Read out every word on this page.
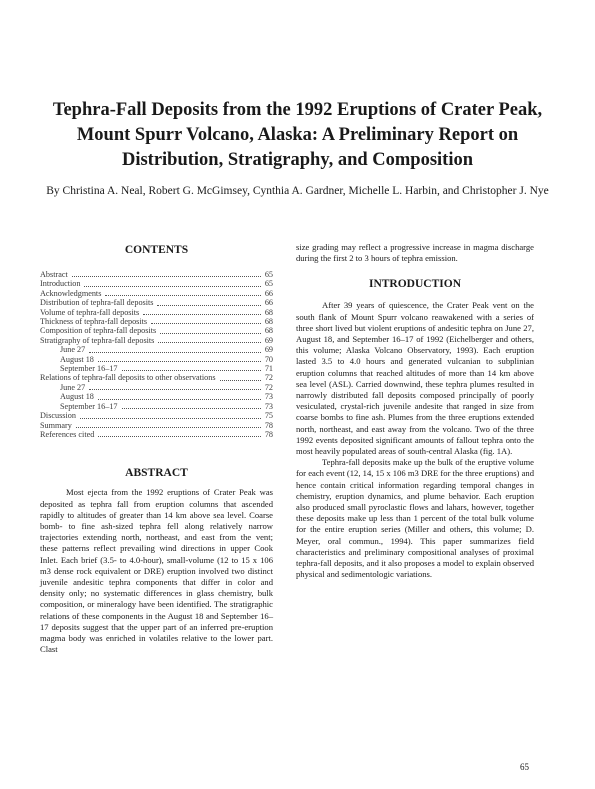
Tephra-Fall Deposits from the 1992 Eruptions of Crater Peak, Mount Spurr Volcano, Alaska: A Preliminary Report on Distribution, Stratigraphy, and Composition
By Christina A. Neal, Robert G. McGimsey, Cynthia A. Gardner, Michelle L. Harbin, and Christopher J. Nye
CONTENTS
Abstract	65
Introduction	65
Acknowledgments	66
Distribution of tephra-fall deposits	66
Volume of tephra-fall deposits	68
Thickness of tephra-fall deposits	68
Composition of tephra-fall deposits	68
Stratigraphy of tephra-fall deposits	69
June 27	69
August 18	70
September 16–17	71
Relations of tephra-fall deposits to other observations	72
June 27	72
August 18	73
September 16–17	73
Discussion	75
Summary	78
References cited	78
ABSTRACT

Most ejecta from the 1992 eruptions of Crater Peak was deposited as tephra fall from eruption columns that ascended rapidly to altitudes of greater than 14 km above sea level. Coarse bomb- to fine ash-sized tephra fell along relatively narrow trajectories extending north, northeast, and east from the vent; these patterns reflect prevailing wind directions in upper Cook Inlet. Each brief (3.5- to 4.0-hour), small-volume (12 to 15 x 106 m3 dense rock equivalent or DRE) eruption involved two distinct juvenile andesitic tephra components that differ in color and density only; no systematic differences in glass chemistry, bulk composition, or mineralogy have been identified. The stratigraphic relations of these components in the August 18 and September 16–17 deposits suggest that the upper part of an inferred pre-eruption magma body was enriched in volatiles relative to the lower part. Clast

size grading may reflect a progressive increase in magma discharge during the first 2 to 3 hours of tephra emission.

INTRODUCTION

After 39 years of quiescence, the Crater Peak vent on the south flank of Mount Spurr volcano reawakened with a series of three short lived but violent eruptions of andesitic tephra on June 27, August 18, and September 16–17 of 1992 (Eichelberger and others, this volume; Alaska Volcano Observatory, 1993). Each eruption lasted 3.5 to 4.0 hours and generated vulcanian to subplinian eruption columns that reached altitudes of more than 14 km above sea level (ASL). Carried downwind, these tephra plumes resulted in narrowly distributed fall deposits composed principally of poorly vesiculated, crystal-rich juvenile andesite that ranged in size from coarse bombs to fine ash. Plumes from the three eruptions extended north, northeast, and east away from the volcano. Two of the three 1992 events deposited significant amounts of fallout tephra onto the most heavily populated areas of south-central Alaska (fig. 1A).

Tephra-fall deposits make up the bulk of the eruptive volume for each event (12, 14, 15 x 106 m3 DRE for the three eruptions) and hence contain critical information regarding temporal changes in chemistry, eruption dynamics, and plume behavior. Each eruption also produced small pyroclastic flows and lahars, however, together these deposits make up less than 1 percent of the total bulk volume for the entire eruption series (Miller and others, this volume; D. Meyer, oral commun., 1994). This paper summarizes field characteristics and preliminary compositional analyses of proximal tephra-fall deposits, and it also proposes a model to explain observed physical and sedimentologic variations.

65
